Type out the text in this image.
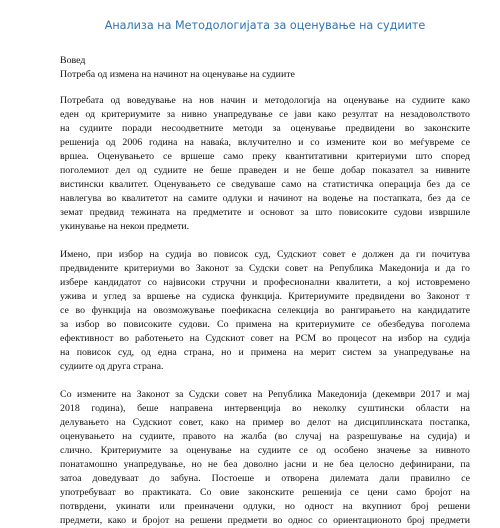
Анализа на Методологијата за оценување на судиите
Вовед
Потреба од измена на начинот на оценување на судиите
Потребата од воведување на нов начин и методологија на оценување на судиите како
еден од критериумите за нивно унапредување се јави како резултат на незадоволството
на судиите поради несоодветните методи за оценување предвидени во законските
решенија од 2006 година на наваќа, вклучително и со измените кои во меѓувреме се
вршеа. Оценувањето се вршеше само преку квантитативни критериуми што според
поголемиот дел од судиите не беше праведен и не беше добар показател за нивните
вистински квалитет. Оценувањето се сведуваше само на статистичка операција без да се
навлегува во квалитетот на самите одлуки и начинот на водење на постапката, без да се
земат предвид тежината на предметите и основот за што повисоките судови извршиле
укинување на некои предмети.
Имено, при избор на судија во повисок суд, Судскиот совет е должен да ги почитува
предвидените критериуми во Законот за Судски совет на Република Македонија и да го
избере кандидатот со највисоки стручни и професионални квалитети, а кој истовремено
ужива и углед за вршење на судиска функција. Критериумите предвидени во Законот т
се во функција на овозможување поефикасна селекција во рангирањето на кандидатите
за избор во повисоките судови. Со примена на критериумите се обезбедува поголема
ефективност во работењето на Судскиот совет на РСМ во процесот на избор на судија
на повисок суд, од една страна, но и примена на мерит систем за унапредување на
судиите од друга страна.
Со измените на Законот за Судски совет на Република Македонија (декември 2017 и мај
2018 година), беше направена интервенција во неколку суштински области на
делувањето на Судскиот совет, како на пример во делот на дисциплинската постапка,
оценувањето на судиите, правото на жалба (во случај на разрешување на судија) и
слично. Критериумите за оценување на судиите се од особено значење за нивното
понатамошно унапредување, но не беа доволно јасни и не беа целосно дефинирани, па
затоа доведуваат до забуна. Постоеше и отворена дилемата дали правилно се
употребуваат во практиката. Со овие законските решенија се цени само бројот на
потврдени, укинати или преиначени одлуки, но одност на вкупниот број решени
предмети, како и бројот на решени предмети во однос со ориентационото број предмети
